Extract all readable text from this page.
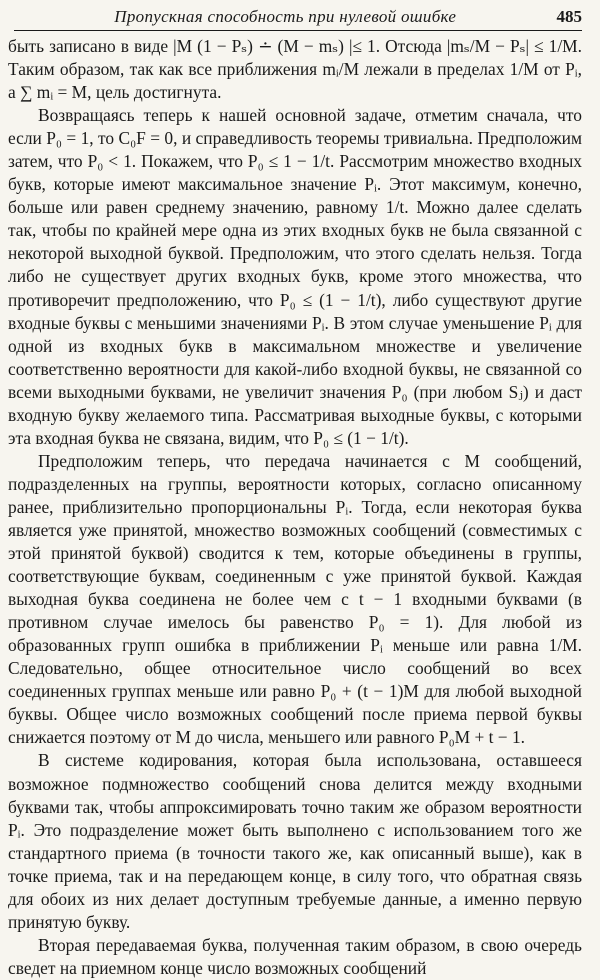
Пропускная способность при нулевой ошибке	485

быть записано в виде |M (1 − Pₛ) ∸ (M − mₛ) |≤ 1. Отсюда |mₛ/M − Pₛ| ≤ 1/M. Таким образом, так как все приближения mᵢ/M лежали в пределах 1/M от Pᵢ, а ∑ mᵢ = M, цель достигнута.

Возвращаясь теперь к нашей основной задаче, отметим сначала, что если P₀ = 1, то C₀F = 0, и справедливость теоремы тривиальна. Предположим затем, что P₀ < 1. Покажем, что P₀ ≤ 1 − 1/t. Рассмотрим множество входных букв, которые имеют максимальное значение Pᵢ. Этот максимум, конечно, больше или равен среднему значению, равному 1/t. Можно далее сделать так, чтобы по крайней мере одна из этих входных букв не была связанной с некоторой выходной буквой. Предположим, что этого сделать нельзя. Тогда либо не существует других входных букв, кроме этого множества, что противоречит предположению, что P₀ ≤ (1 − 1/t), либо существуют другие входные буквы с меньшими значениями Pᵢ. В этом случае уменьшение Pᵢ для одной из входных букв в максимальном множестве и увеличение соответственно вероятности для какой-либо входной буквы, не связанной со всеми выходными буквами, не увеличит значения P₀ (при любом Sⱼ) и даст входную букву желаемого типа. Рассматривая выходные буквы, с которыми эта входная буква не связана, видим, что P₀ ≤ (1 − 1/t).

Предположим теперь, что передача начинается с M сообщений, подразделенных на группы, вероятности которых, согласно описанному ранее, приблизительно пропорциональны Pᵢ. Тогда, если некоторая буква является уже принятой, множество возможных сообщений (совместимых с этой принятой буквой) сводится к тем, которые объединены в группы, соответствующие буквам, соединенным с уже принятой буквой. Каждая выходная буква соединена не более чем с t − 1 входными буквами (в противном случае имелось бы равенство P₀ = 1). Для любой из образованных групп ошибка в приближении Pᵢ меньше или равна 1/M. Следовательно, общее относительное число сообщений во всех соединенных группах меньше или равно P₀ + (t − 1)M для любой выходной буквы. Общее число возможных сообщений после приема первой буквы снижается поэтому от M до числа, меньшего или равного P₀M + t − 1.

В системе кодирования, которая была использована, оставшееся возможное подмножество сообщений снова делится между входными буквами так, чтобы аппроксимировать точно таким же образом вероятности Pᵢ. Это подразделение может быть выполнено с использованием того же стандартного приема (в точности такого же, как описанный выше), как в точке приема, так и на передающем конце, в силу того, что обратная связь для обоих из них делает доступным требуемые данные, а именно первую принятую букву.

Вторая передаваемая буква, полученная таким образом, в свою очередь сведет на приемном конце число возможных сообщений
